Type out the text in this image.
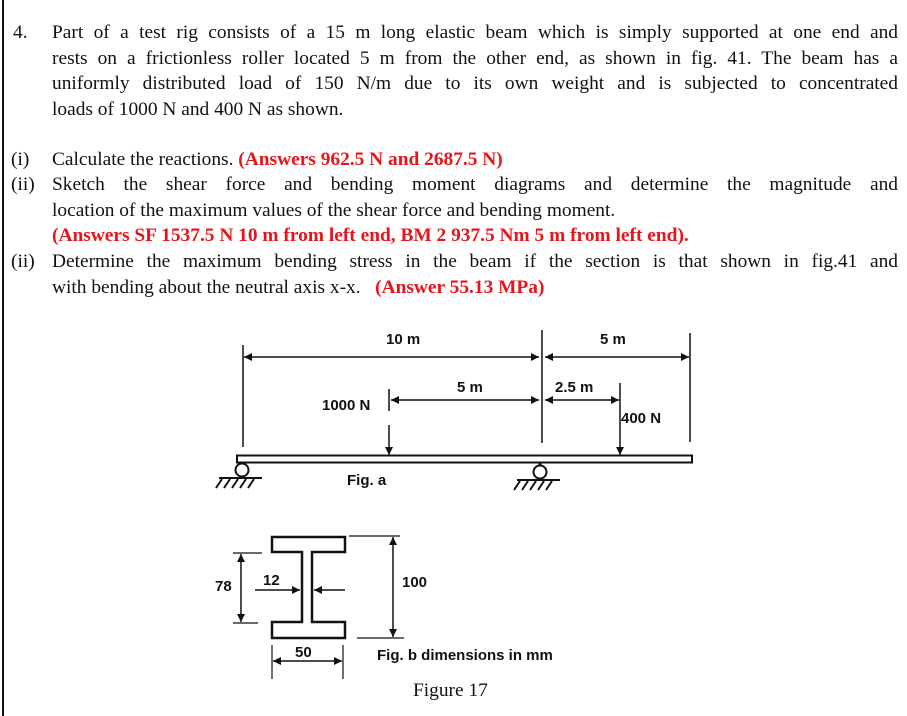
4. Part of a test rig consists of a 15 m long elastic beam which is simply supported at one end and
rests on a frictionless roller located 5 m from the other end, as shown in fig. 41. The beam has a
uniformly distributed load of 150 N/m due to its own weight and is subjected to concentrated
loads of 1000 N and 400 N as shown.
(i) Calculate the reactions. (Answers 962.5 N and 2687.5 N)
(ii) Sketch the shear force and bending moment diagrams and determine the magnitude and
location of the maximum values of the shear force and bending moment.
(Answers SF 1537.5 N 10 m from left end, BM 2 937.5 Nm 5 m from left end).
(ii) Determine the maximum bending stress in the beam if the section is that shown in fig.41 and
with bending about the neutral axis x-x.   (Answer 55.13 MPa)
10 m	5 m
5 m	2.5 m
1000 N
400 N
Fig. a
78 12	100
50	Fig. b dimensions in mm
Figure 17
